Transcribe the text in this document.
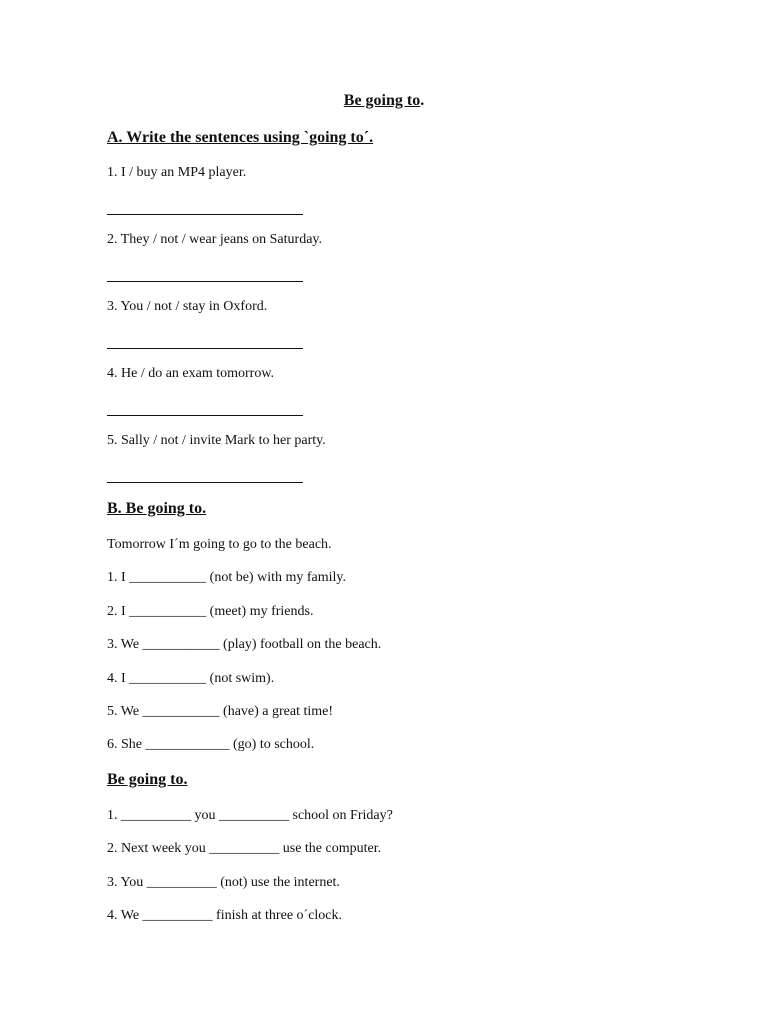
Be going to.
A. Write the sentences using `going to´.
1. I / buy an MP4 player.
2. They / not / wear jeans on Saturday.
3. You / not / stay in Oxford.
4. He / do an exam tomorrow.
5. Sally / not / invite Mark to her party.
B. Be going to.
Tomorrow I´m going to go to the beach.
1. I ___________ (not be) with my family.
2. I ___________ (meet) my friends.
3. We ___________ (play) football on the beach.
4. I ___________ (not swim).
5. We ___________ (have) a great time!
6. She ____________ (go) to school.
Be going to.
1. __________ you __________ school on Friday?
2. Next week you __________ use the computer.
3. You __________ (not) use the internet.
4. We __________ finish at three o´clock.
